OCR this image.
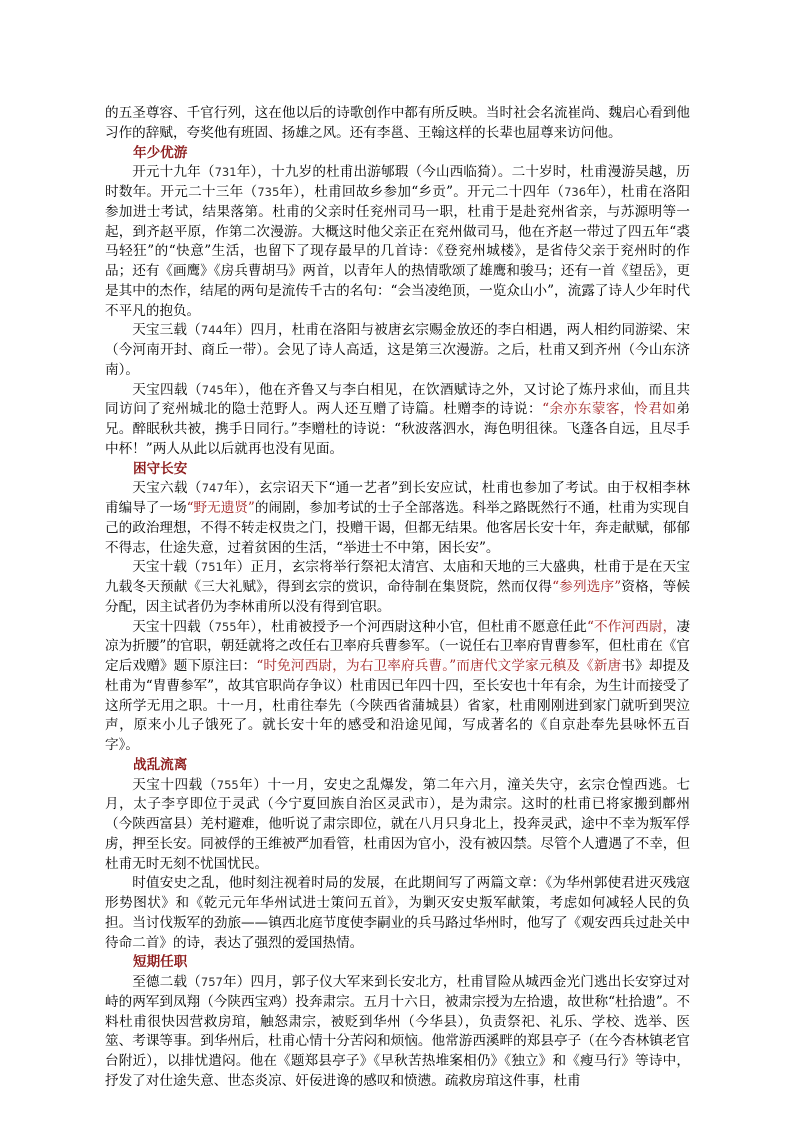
的五圣尊容、千官行列，这在他以后的诗歌创作中都有所反映。当时社会名流崔尚、魏启心看到他习作的辞赋，夸奖他有班固、扬雄之风。还有李邕、王翰这样的长辈也屈尊来访问他。

年少优游

开元十九年（731年），十九岁的杜甫出游郇瑕（今山西临猗）。二十岁时，杜甫漫游吴越，历时数年。开元二十三年（735年），杜甫回故乡参加“乡贡”。开元二十四年（736年），杜甫在洛阳参加进士考试，结果落第。杜甫的父亲时任兖州司马一职，杜甫于是赴兖州省亲，与苏源明等一起，到齐赵平原，作第二次漫游。大概这时他父亲正在兖州做司马，他在齐赵一带过了四五年“裘马轻狂”的“快意”生活，也留下了现存最早的几首诗：《登兖州城楼》，是省侍父亲于兖州时的作品；还有《画鹰》《房兵曹胡马》两首，以青年人的热情歌颂了雄鹰和骏马；还有一首《望岳》，更是其中的杰作，结尾的两句是流传千古的名句：“会当凌绝顶，一览众山小”，流露了诗人少年时代不平凡的抱负。

天宝三载（744年）四月，杜甫在洛阳与被唐玄宗赐金放还的李白相遇，两人相约同游梁、宋（今河南开封、商丘一带）。会见了诗人高适，这是第三次漫游。之后，杜甫又到齐州（今山东济南）。

天宝四载（745年），他在齐鲁又与李白相见，在饮酒赋诗之外，又讨论了炼丹求仙，而且共同访问了兖州城北的隐士范野人。两人还互赠了诗篇。杜赠李的诗说：“余亦东蒙客，怜君如弟兄。醉眠秋共被，携手日同行。”李赠杜的诗说：“秋波落泗水，海色明徂徕。飞蓬各自远，且尽手中杯！”两人从此以后就再也没有见面。

困守长安

天宝六载（747年），玄宗诏天下“通一艺者”到长安应试，杜甫也参加了考试。由于权相李林甫编导了一场“野无遗贤”的闹剧，参加考试的士子全部落选。科举之路既然行不通，杜甫为实现自己的政治理想，不得不转走权贵之门，投赠干谒，但都无结果。他客居长安十年，奔走献赋，郁郁不得志，仕途失意，过着贫困的生活，“举进士不中第，困长安”。

天宝十载（751年）正月，玄宗将举行祭祀太清宫、太庙和天地的三大盛典，杜甫于是在天宝九载冬天预献《三大礼赋》，得到玄宗的赏识，命待制在集贤院，然而仅得“参列选序”资格，等候分配，因主试者仍为李林甫所以没有得到官职。

天宝十四载（755年），杜甫被授予一个河西尉这种小官，但杜甫不愿意任此“不作河西尉，凄凉为折腰”的官职，朝廷就将之改任右卫率府兵曹参军。（一说任右卫率府胄曹参军，但杜甫在《官定后戏赠》题下原注曰：“时免河西尉，为右卫率府兵曹。”而唐代文学家元稹及《新唐书》却提及杜甫为“胄曹参军”，故其官职尚存争议）杜甫因已年四十四，至长安也十年有余，为生计而接受了这所学无用之职。十一月，杜甫往奉先（今陕西省蒲城县）省家，杜甫刚刚进到家门就听到哭泣声，原来小儿子饿死了。就长安十年的感受和沿途见闻，写成著名的《自京赴奉先县咏怀五百字》。

战乱流离

天宝十四载（755年）十一月，安史之乱爆发，第二年六月，潼关失守，玄宗仓惶西逃。七月，太子李亨即位于灵武（今宁夏回族自治区灵武市），是为肃宗。这时的杜甫已将家搬到鄜州（今陕西富县）羌村避难，他听说了肃宗即位，就在八月只身北上，投奔灵武，途中不幸为叛军俘虏，押至长安。同被俘的王维被严加看管，杜甫因为官小，没有被囚禁。尽管个人遭遇了不幸，但杜甫无时无刻不忧国忧民。

时值安史之乱，他时刻注视着时局的发展，在此期间写了两篇文章：《为华州郭使君进灭残寇形势图状》和《乾元元年华州试进士策问五首》，为剿灭安史叛军献策，考虑如何减轻人民的负担。当讨伐叛军的劲旅——镇西北庭节度使李嗣业的兵马路过华州时，他写了《观安西兵过赴关中待命二首》的诗，表达了强烈的爱国热情。

短期任职

至德二载（757年）四月，郭子仪大军来到长安北方，杜甫冒险从城西金光门逃出长安穿过对峙的两军到凤翔（今陕西宝鸡）投奔肃宗。五月十六日，被肃宗授为左拾遗，故世称“杜拾遗”。不料杜甫很快因营救房琯，触怒肃宗，被贬到华州（今华县），负责祭祀、礼乐、学校、选举、医筮、考课等事。到华州后，杜甫心情十分苦闷和烦恼。他常游西溪畔的郑县亭子（在今杏林镇老官台附近），以排忧遣闷。他在《题郑县亭子》《早秋苦热堆案相仍》《独立》和《瘦马行》等诗中，抒发了对仕途失意、世态炎凉、奸佞进谗的感叹和愤懑。疏救房琯这件事，杜甫
